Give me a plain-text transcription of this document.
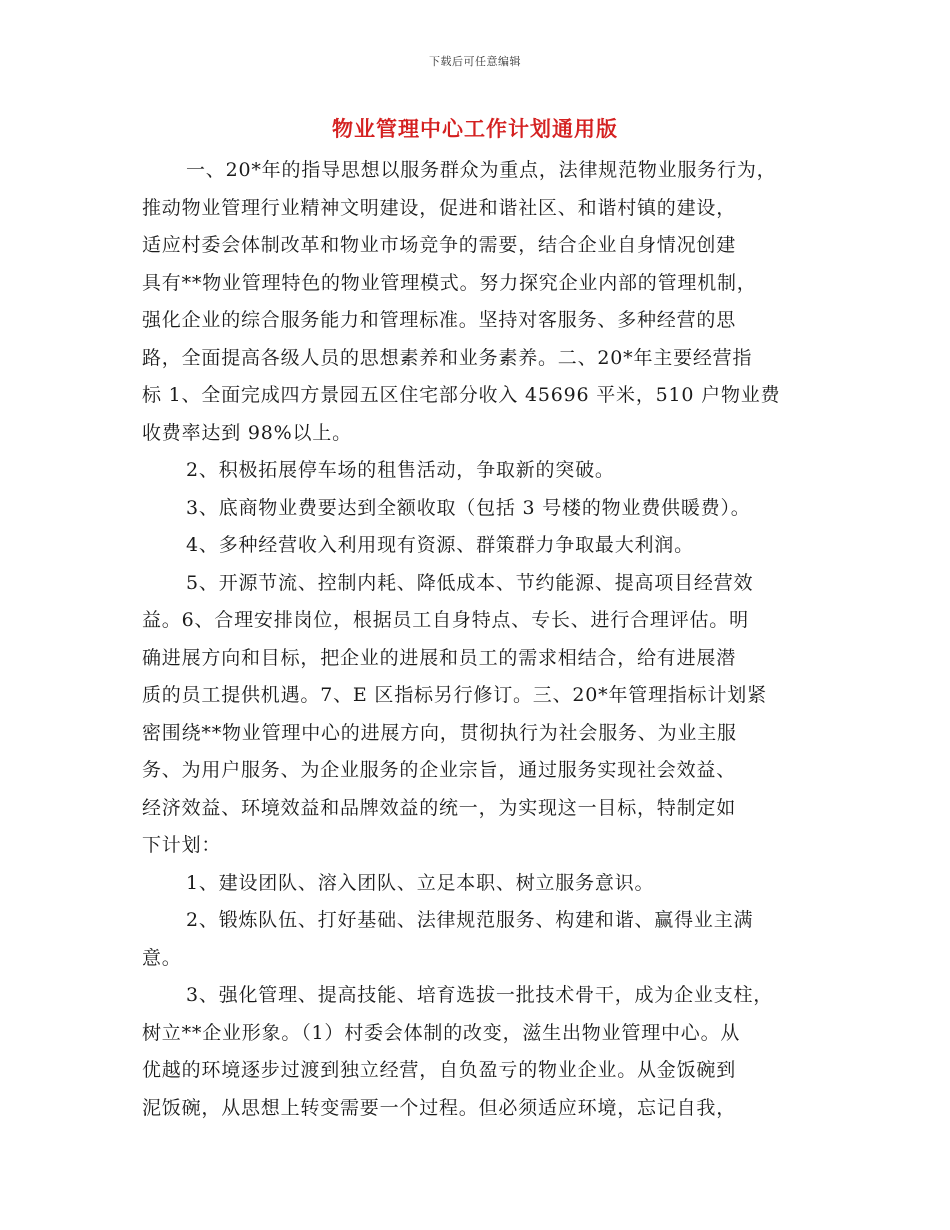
下载后可任意编辑
物业管理中心工作计划通用版
一、20*年的指导思想以服务群众为重点，法律规范物业服务行为，
推动物业管理行业精神文明建设，促进和谐社区、和谐村镇的建设，
适应村委会体制改革和物业市场竞争的需要，结合企业自身情况创建
具有**物业管理特色的物业管理模式。努力探究企业内部的管理机制，
强化企业的综合服务能力和管理标准。坚持对客服务、多种经营的思
路，全面提高各级人员的思想素养和业务素养。二、20*年主要经营指
标 1、全面完成四方景园五区住宅部分收入 45696 平米，510 户物业费
收费率达到 98%以上。
2、积极拓展停车场的租售活动，争取新的突破。
3、底商物业费要达到全额收取（包括 3 号楼的物业费供暖费）。
4、多种经营收入利用现有资源、群策群力争取最大利润。
5、开源节流、控制内耗、降低成本、节约能源、提高项目经营效
益。6、合理安排岗位，根据员工自身特点、专长、进行合理评估。明
确进展方向和目标，把企业的进展和员工的需求相结合，给有进展潜
质的员工提供机遇。7、E 区指标另行修订。三、20*年管理指标计划紧
密围绕**物业管理中心的进展方向，贯彻执行为社会服务、为业主服
务、为用户服务、为企业服务的企业宗旨，通过服务实现社会效益、
经济效益、环境效益和品牌效益的统一，为实现这一目标，特制定如
下计划：
1、建设团队、溶入团队、立足本职、树立服务意识。
2、锻炼队伍、打好基础、法律规范服务、构建和谐、赢得业主满
意。
3、强化管理、提高技能、培育选拔一批技术骨干，成为企业支柱，
树立**企业形象。（1）村委会体制的改变，滋生出物业管理中心。从
优越的环境逐步过渡到独立经营，自负盈亏的物业企业。从金饭碗到
泥饭碗，从思想上转变需要一个过程。但必须适应环境，忘记自我，
